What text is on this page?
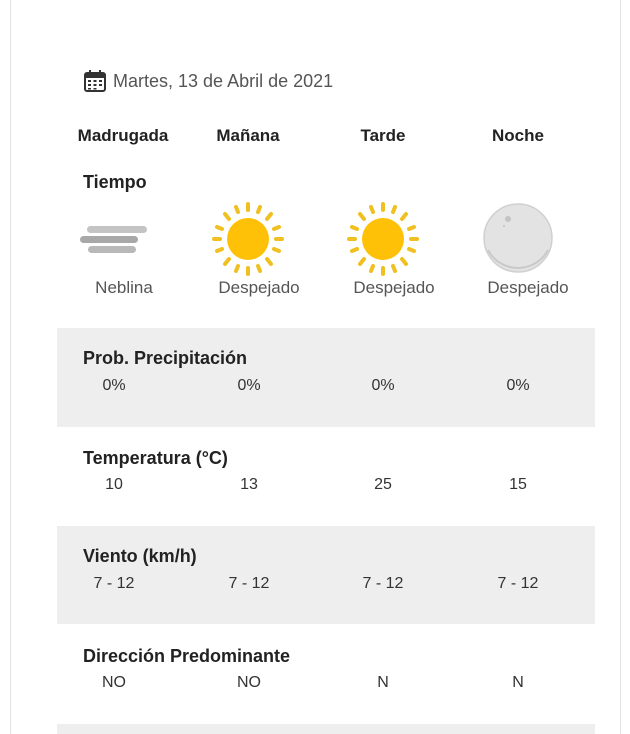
Martes, 13 de Abril de 2021
Madrugada	Mañana	Tarde	Noche
Tiempo
Neblina	Despejado	Despejado	Despejado
Prob. Precipitación
0%	0%	0%	0%
Temperatura (°C)
10	13	25	15
Viento (km/h)
7 - 12	7 - 12	7 - 12	7 - 12
Dirección Predominante
NO	NO	N	N
